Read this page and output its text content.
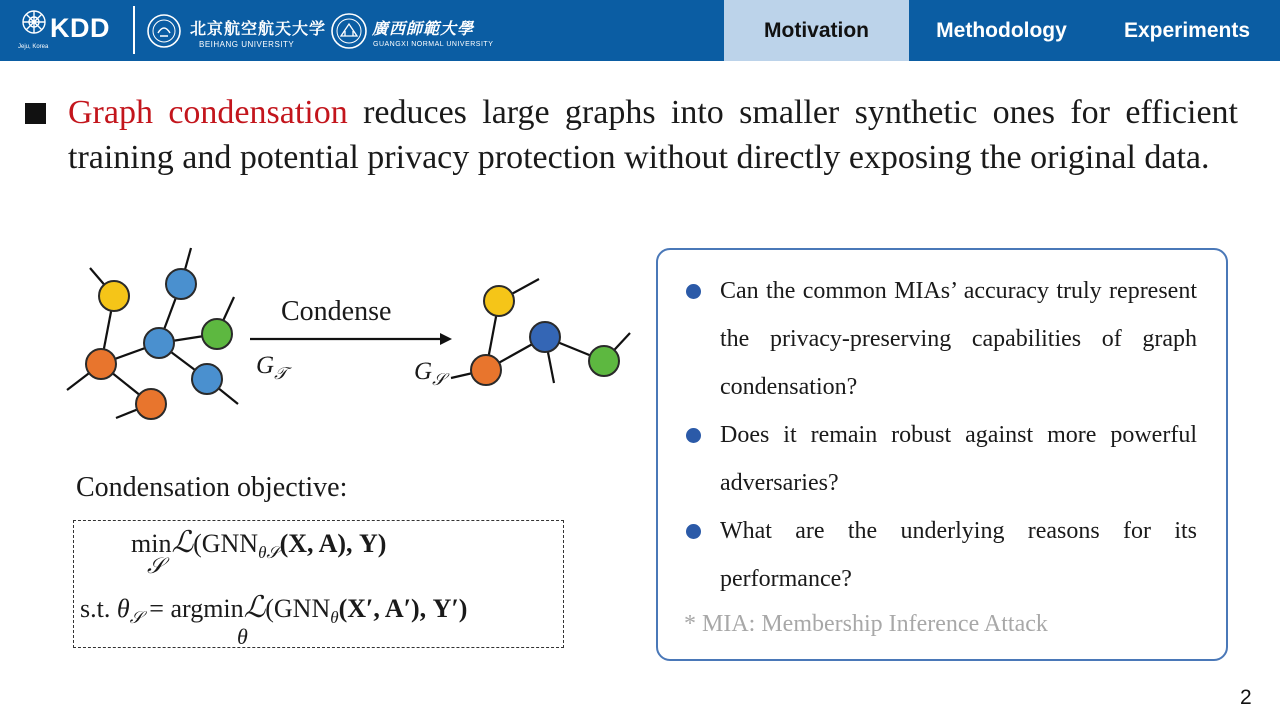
KDD
Jeju, Korea
北京航空航天大学
BEIHANG UNIVERSITY
廣西師範大學
GUANGXI NORMAL UNIVERSITY
Motivation	Methodology	Experiments
Graph condensation reduces large graphs into smaller synthetic ones for efficient training and potential privacy protection without directly exposing the original data.
Condense
$G_𝒯$	$G_𝒮$
Condensation objective:
$\min ℒ(GNN_{\theta 𝒮}(X$, A), Y)
𝒮
s.t. $\theta_𝒮$ = $argminℒ(GNN_\theta(X'$, A′), Y′)
θ
Can the common MIAs’ accuracy truly represent the privacy-preserving capabilities of graph condensation?
Does it remain robust against more powerful adversaries?
What are the underlying reasons for its performance?
* MIA: Membership Inference Attack
2
